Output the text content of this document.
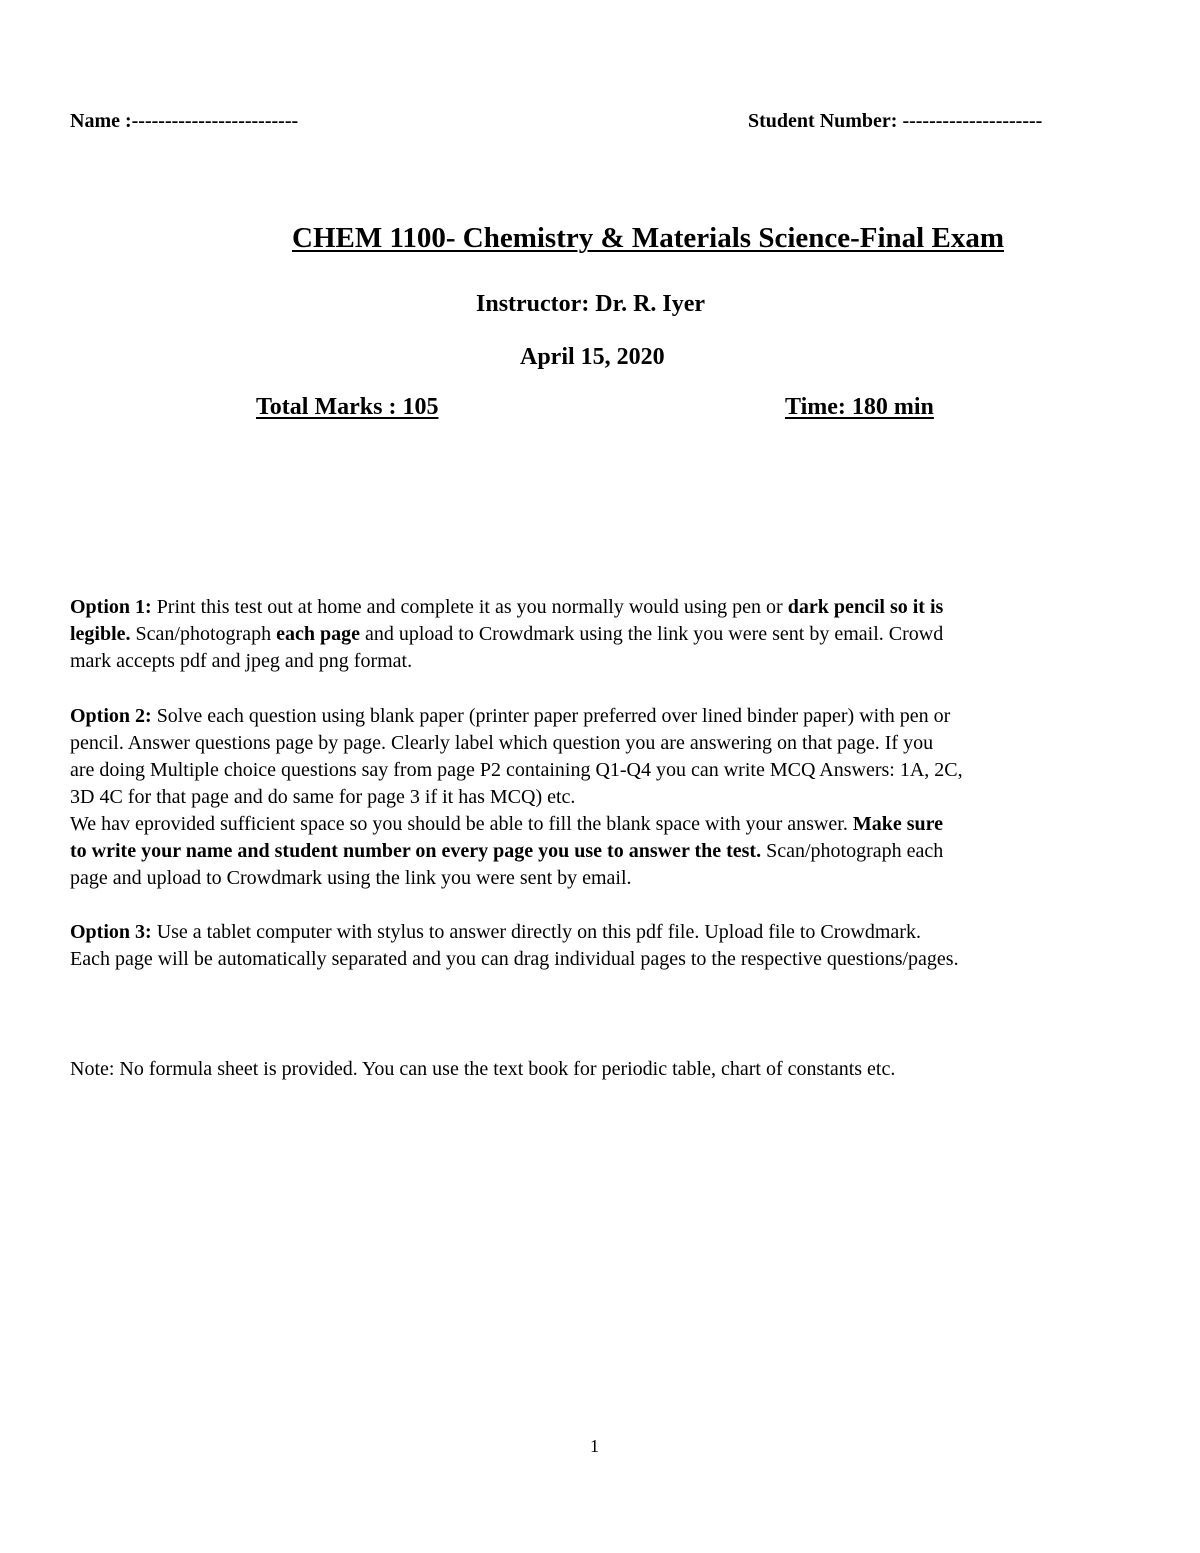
Name :-------------------------	Student Number: ---------------------
CHEM 1100- Chemistry & Materials Science-Final Exam
Instructor: Dr. R. Iyer
April 15, 2020
Total Marks : 105	Time: 180 min
Option 1: Print this test out at home and complete it as you normally would using pen or dark pencil so it is
legible. Scan/photograph each page and upload to Crowdmark using the link you were sent by email. Crowd
mark accepts pdf and jpeg and png format.
Option 2: Solve each question using blank paper (printer paper preferred over lined binder paper) with pen or
pencil. Answer questions page by page. Clearly label which question you are answering on that page. If you
are doing Multiple choice questions say from page P2 containing Q1-Q4 you can write MCQ Answers: 1A, 2C,
3D 4C for that page and do same for page 3 if it has MCQ) etc.
We hav eprovided sufficient space so you should be able to fill the blank space with your answer. Make sure
to write your name and student number on every page you use to answer the test. Scan/photograph each
page and upload to Crowdmark using the link you were sent by email.
Option 3: Use a tablet computer with stylus to answer directly on this pdf file. Upload file to Crowdmark.
Each page will be automatically separated and you can drag individual pages to the respective questions/pages.
Note: No formula sheet is provided. You can use the text book for periodic table, chart of constants etc.
1
